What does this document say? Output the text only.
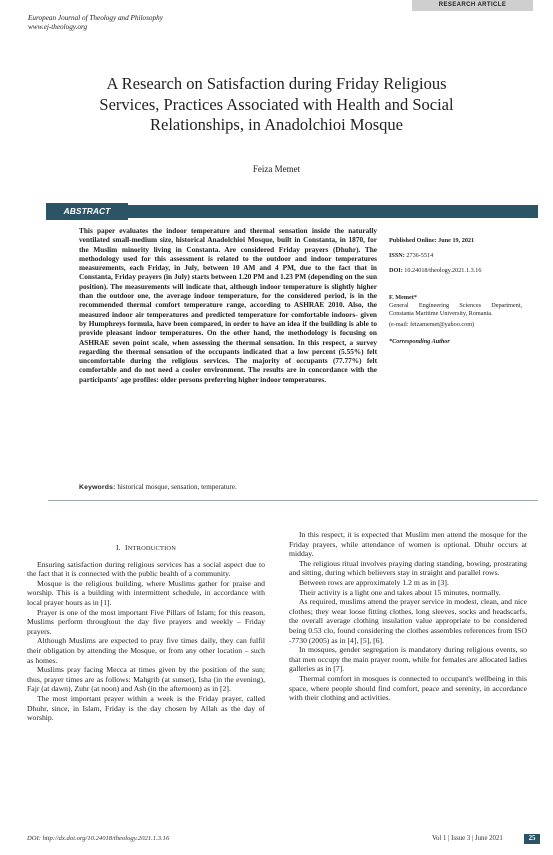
European Journal of Theology and Philosophy
www.ej-theology.org
RESEARCH ARTICLE
A Research on Satisfaction during Friday Religious
Services, Practices Associated with Health and Social
Relationships, in Anadolchioi Mosque
Feiza Memet
ABSTRACT
This paper evaluates the indoor temperature and thermal sensation inside the naturally ventilated small-medium size, historical Anadolchioi Mosque, built in Constanta, in 1870, for the Muslim minority living in Constanta. Are considered Friday prayers (Dhuhr). The methodology used for this assessment is related to the outdoor and indoor temperatures measurements, each Friday, in July, between 10 AM and 4 PM, due to the fact that in Constanta, Friday prayers (in July) starts between 1.20 PM and 1.23 PM (depending on the sun position). The measurements will indicate that, although indoor temperature is slightly higher than the outdoor one, the average indoor temperature, for the considered period, is in the recommended thermal comfort temperature range, according to ASHRAE 2010. Also, the measured indoor air temperatures and predicted temperature for comfortable indoors- given by Humphreys formula, have been compared, in order to have an idea if the building is able to provide pleasant indoor temperatures. On the other hand, the methodology is focusing on ASHRAE seven point scale, when assessing the thermal sensation. In this respect, a survey regarding the thermal sensation of the occupants indicated that a low percent (5.55%) felt uncomfortable during the religious services. The majority of occupants (77.77%) felt comfortable and do not need a cooler environment. The results are in concordance with the participants' age profiles: older persons preferring higher indoor temperatures.
Keywords: historical mosque, sensation, temperature.
Published Online: June 19, 2021
ISSN: 2736-5514
DOI: 10.24018/theology.2021.1.3.16
F. Memet*
General Engineering Sciences Department, Constanta Maritime University, Romania.
(e-mail: feizamemet@yahoo.com)
*Corresponding Author
I. INTRODUCTION

Ensuring satisfaction during religious services has a social aspect due to the fact that it is connected with the public health of a community.

Mosque is the religious building, where Muslims gather for praise and worship. This is a building with intermittent schedule, in accordance with local prayer hours as in [1].

Prayer is one of the most important Five Pillars of Islam; for this reason, Muslims perform throughout the day five prayers and weekly – Friday prayers.

Although Muslims are expected to pray five times daily, they can fulfil their obligation by attending the Mosque, or from any other location – such as homes.

Muslims pray facing Mecca at times given by the position of the sun; thus, prayer times are as follows: Mahgrib (at sunset), Isha (in the evening), Fajr (at dawn), Zuhr (at noon) and Ash (in the afternoon) as in [2].

The most important prayer within a week is the Friday prayer, called Dhuhr, since, in Islam, Friday is the day chosen by Allah as the day of worship.

In this respect, it is expected that Muslim men attend the mosque for the Friday prayers, while attendance of women is optional. Dhuhr occurs at midday.

The religious ritual involves praying during standing, bowing, prostrating and sitting, during which believers stay in straight and parallel rows.

Between rows are approximately 1.2 m as in [3].

Their activity is a light one and takes about 15 minutes, normally.

As required, muslims attend the prayer service in modest, clean, and nice clothes; they wear loose fitting clothes, long sleeves, socks and headscarfs, the overall average clothing insulation value appropriate to be considered being 0.53 clo, found considering the clothes assembles references from ISO -7730 (2005) as in [4], [5], [6].

In mosques, gender segregation is mandatory during religious events, so that men occupy the main prayer room, while for females are allocated ladies galleries as in [7].

Thermal comfort in mosques is connected to occupant's wellbeing in this space, where people should find comfort, peace and serenity, in accordance with their clothing and activities.

DOI: http://dx.doi.org/10.24018/theology.2021.1.3.16	Vol 1 | Issue 3 | June 2021	25
